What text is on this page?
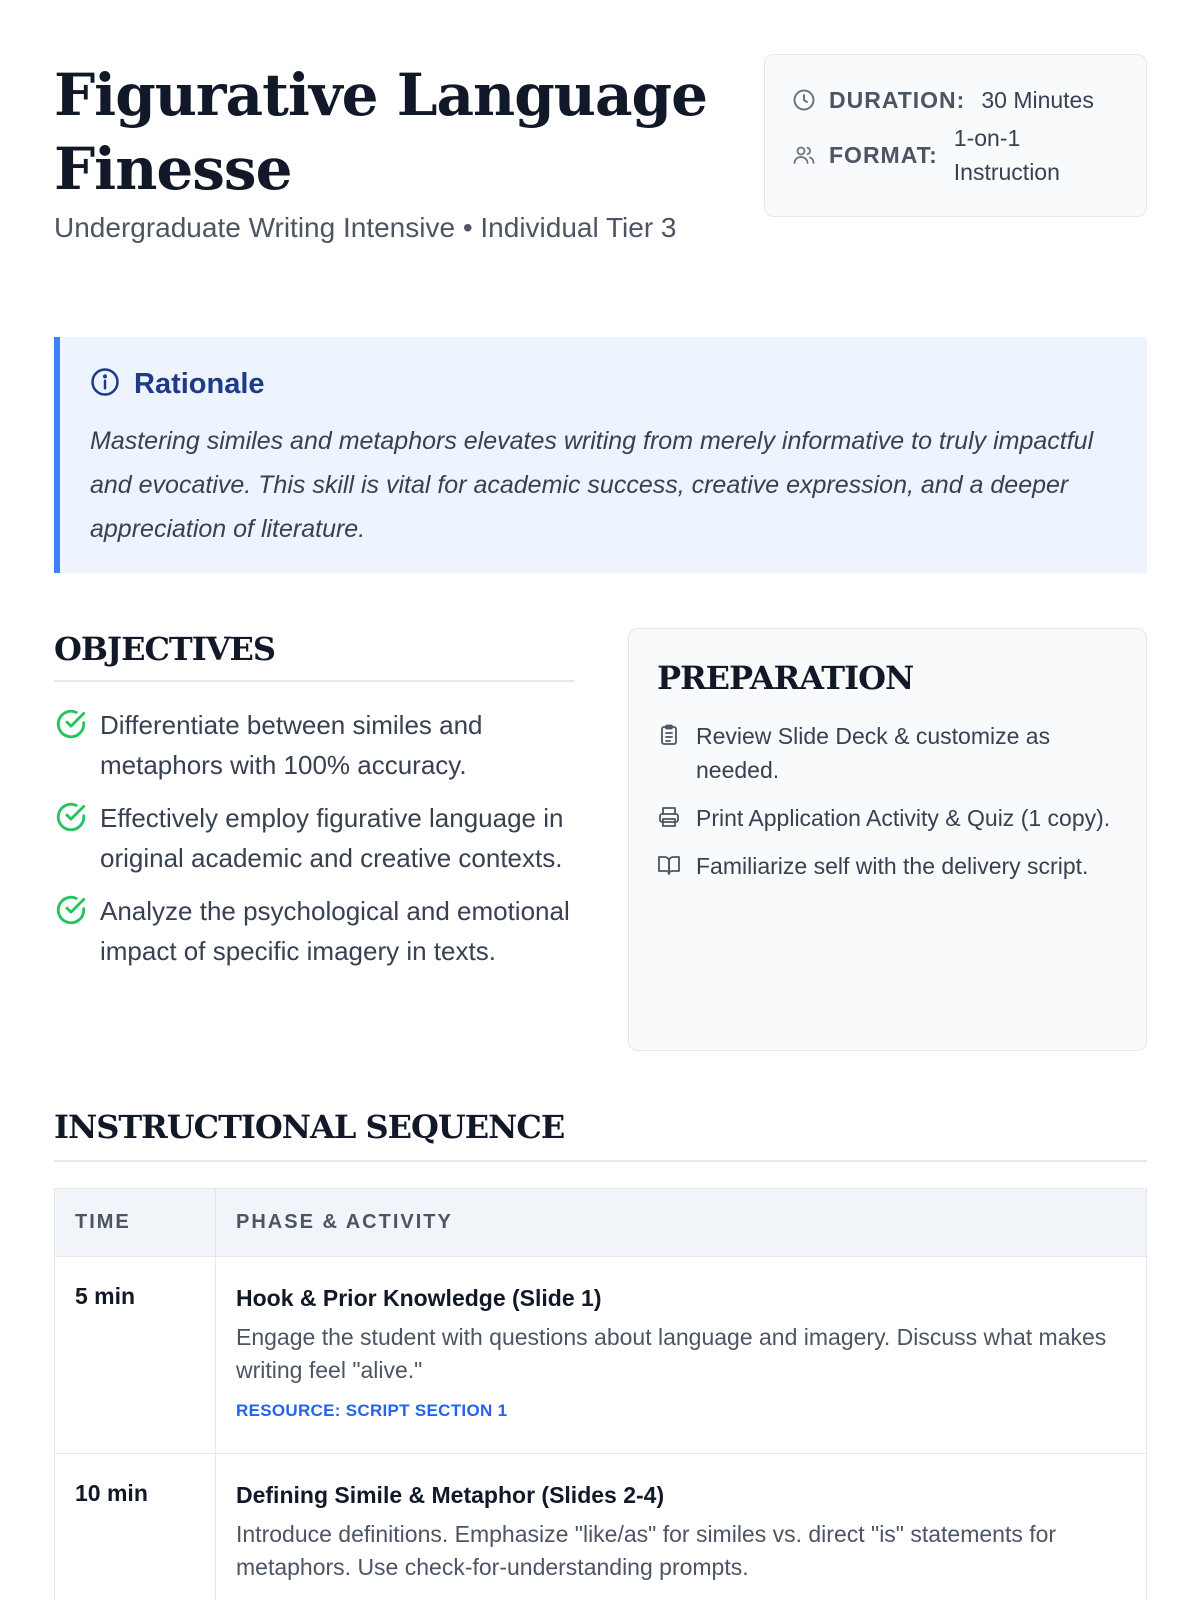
Figurative Language Finesse
Undergraduate Writing Intensive • Individual Tier 3
DURATION: 30 Minutes
FORMAT:
1-on-1 Instruction
Rationale

Mastering similes and metaphors elevates writing from merely informative to truly impactful and evocative. This skill is vital for academic success, creative expression, and a deeper appreciation of literature.

OBJECTIVES
Differentiate between similes and metaphors with 100% accuracy.
Effectively employ figurative language in original academic and creative contexts.
Analyze the psychological and emotional impact of specific imagery in texts.
PREPARATION
Review Slide Deck & customize as needed.
Print Application Activity & Quiz (1 copy).
Familiarize self with the delivery script.
INSTRUCTIONAL SEQUENCE
TIME	PHASE & ACTIVITY
5 min	Hook & Prior Knowledge (Slide 1)
Engage the student with questions about language and imagery. Discuss what makes writing feel "alive."
RESOURCE: SCRIPT SECTION 1
10 min	Defining Simile & Metaphor (Slides 2-4)
Introduce definitions. Emphasize "like/as" for similes vs. direct "is" statements for metaphors. Use check-for-understanding prompts.
